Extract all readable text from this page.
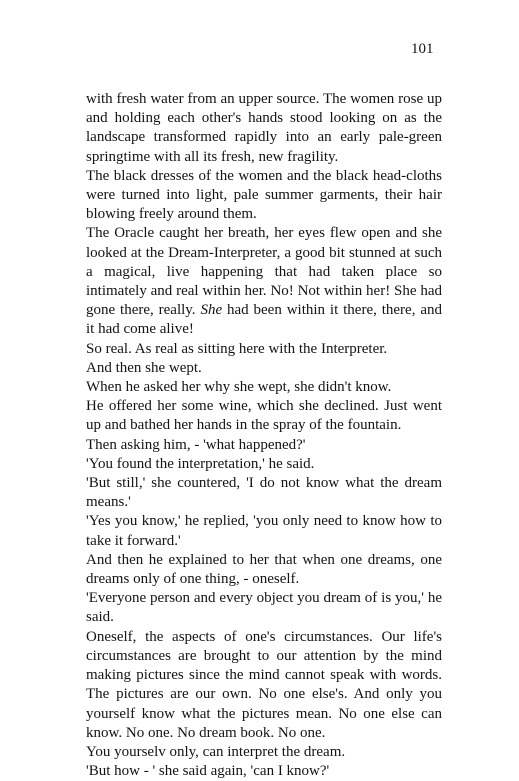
101

with fresh water from an upper source. The women rose up and holding each other's hands stood looking on as the landscape transformed rapidly into an early pale-green springtime with all its fresh, new fragility.

The black dresses of the women and the black head-cloths were turned into light, pale summer garments, their hair blowing freely around them.

The Oracle caught her breath, her eyes flew open and she looked at the Dream-Interpreter, a good bit stunned at such a magical, live happening that had taken place so intimately and real within her. No! Not within her! She had gone there, really. She had been within it there, there, and it had come alive!

So real. As real as sitting here with the Interpreter.

And then she wept.

When he asked her why she wept, she didn't know.

He offered her some wine, which she declined. Just went up and bathed her hands in the spray of the fountain.

Then asking him, - 'what happened?'

'You found the interpretation,' he said.

'But still,' she countered, 'I do not know what the dream means.'

'Yes you know,' he replied, 'you only need to know how to take it forward.'

And then he explained to her that when one dreams, one dreams only of one thing, - oneself.

'Everyone person and every object you dream of is you,' he said.

Oneself, the aspects of one's circumstances. Our life's circumstances are brought to our attention by the mind making pictures since the mind cannot speak with words. The pictures are our own. No one else's. And only you yourself know what the pictures mean. No one else can know. No one. No dream book. No one.

You yourselv only, can interpret the dream.

'But how - ' she said again, 'can I know?'
